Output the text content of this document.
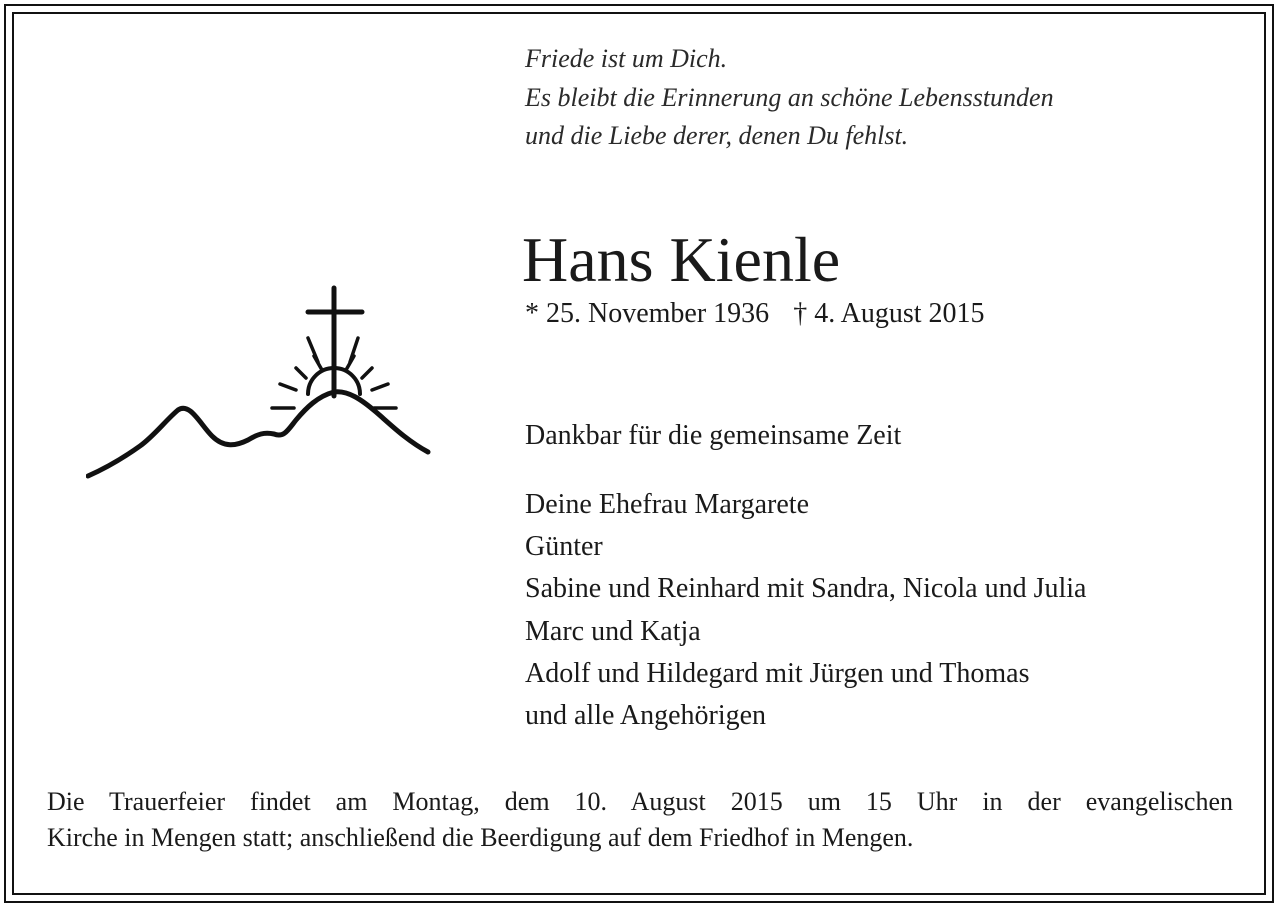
Friede ist um Dich.
Es bleibt die Erinnerung an schöne Lebensstunden
und die Liebe derer, denen Du fehlst.
Hans Kienle
* 25. November 1936 † 4. August 2015
Dankbar für die gemeinsame Zeit
Deine Ehefrau Margarete
Günter
Sabine und Reinhard mit Sandra, Nicola und Julia
Marc und Katja
Adolf und Hildegard mit Jürgen und Thomas
und alle Angehörigen
Die Trauerfeier findet am Montag, dem 10. August 2015 um 15 Uhr in der evangelischen
Kirche in Mengen statt; anschließend die Beerdigung auf dem Friedhof in Mengen.
